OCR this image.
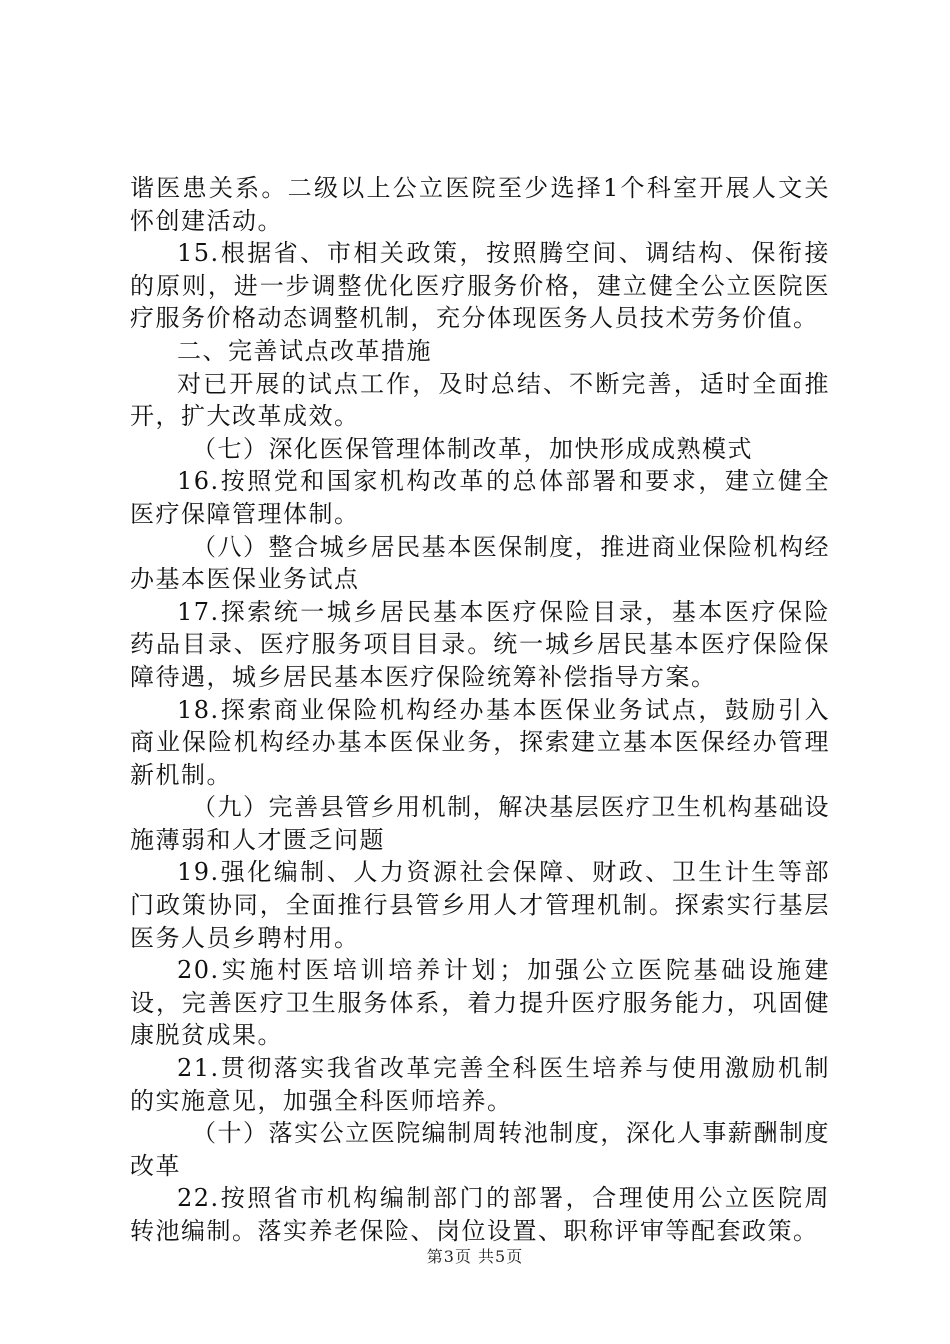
谐医患关系。二级以上公立医院至少选择1个科室开展人文关怀创建活动。

15.根据省、市相关政策，按照腾空间、调结构、保衔接的原则，进一步调整优化医疗服务价格，建立健全公立医院医疗服务价格动态调整机制，充分体现医务人员技术劳务价值。

二、完善试点改革措施

对已开展的试点工作，及时总结、不断完善，适时全面推开，扩大改革成效。

（七）深化医保管理体制改革，加快形成成熟模式

16.按照党和国家机构改革的总体部署和要求，建立健全医疗保障管理体制。

（八）整合城乡居民基本医保制度，推进商业保险机构经办基本医保业务试点

17.探索统一城乡居民基本医疗保险目录，基本医疗保险药品目录、医疗服务项目目录。统一城乡居民基本医疗保险保障待遇，城乡居民基本医疗保险统筹补偿指导方案。

18.探索商业保险机构经办基本医保业务试点，鼓励引入商业保险机构经办基本医保业务，探索建立基本医保经办管理新机制。

（九）完善县管乡用机制，解决基层医疗卫生机构基础设施薄弱和人才匮乏问题

19.强化编制、人力资源社会保障、财政、卫生计生等部门政策协同，全面推行县管乡用人才管理机制。探索实行基层医务人员乡聘村用。

20.实施村医培训培养计划；加强公立医院基础设施建设，完善医疗卫生服务体系，着力提升医疗服务能力，巩固健康脱贫成果。

21.贯彻落实我省改革完善全科医生培养与使用激励机制的实施意见，加强全科医师培养。

（十）落实公立医院编制周转池制度，深化人事薪酬制度改革

22.按照省市机构编制部门的部署，合理使用公立医院周转池编制。落实养老保险、岗位设置、职称评审等配套政策。

第3页 共5页
